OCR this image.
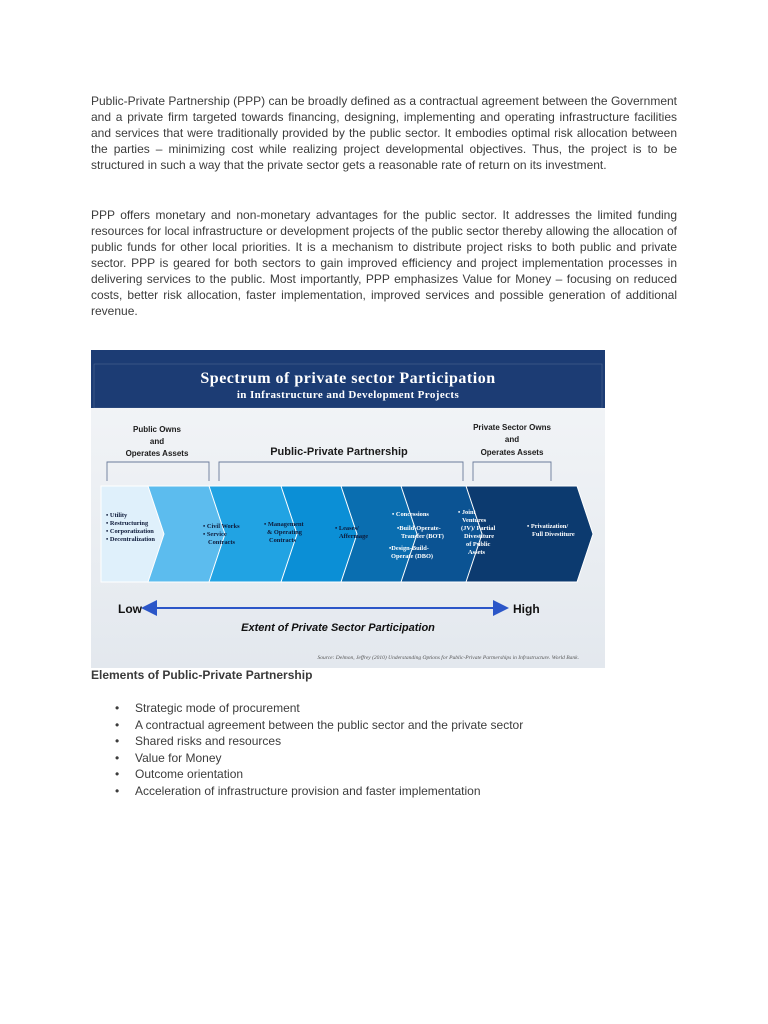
Public-Private Partnership (PPP) can be broadly defined as a contractual agreement between the Government and a private firm targeted towards financing, designing, implementing and operating infrastructure facilities and services that were traditionally provided by the public sector. It embodies optimal risk allocation between the parties – minimizing cost while realizing project developmental objectives. Thus, the project is to be structured in such a way that the private sector gets a reasonable rate of return on its investment.

PPP offers monetary and non-monetary advantages for the public sector. It addresses the limited funding resources for local infrastructure or development projects of the public sector thereby allowing the allocation of public funds for other local priorities. It is a mechanism to distribute project risks to both public and private sector. PPP is geared for both sectors to gain improved efficiency and project implementation processes in delivering services to the public. Most importantly, PPP emphasizes Value for Money – focusing on reduced costs, better risk allocation, faster implementation, improved services and possible generation of additional revenue.

Spectrum of private sector Participation
in Infrastructure and Development Projects
Public Owns
and
Operates Assets	Public-Private Partnership
Private Sector Owns
and
Operates Assets
• Utility • Restructuring • Corporatization • Decentralization
• Civil Works • Service Contracts
• Management & Operating Contracts
• Leases/ Affermage
• Concessions •Build-Operate- Transfer (BOT) •Design-Build- Operate (DBO)
• Joint Ventures (JV)/ Partial Divestiture of Public Assets
• Privatization/ Full Divestiture
Low	High
Extent of Private Sector Participation
Source: Delmon, Jeffrey (2010) Understanding Options for Public-Private Partnerships in Infrastructure. World Bank.

Elements of Public-Private Partnership

• Strategic mode of procurement
• A contractual agreement between the public sector and the private sector
• Shared risks and resources
• Value for Money
• Outcome orientation
• Acceleration of infrastructure provision and faster implementation
